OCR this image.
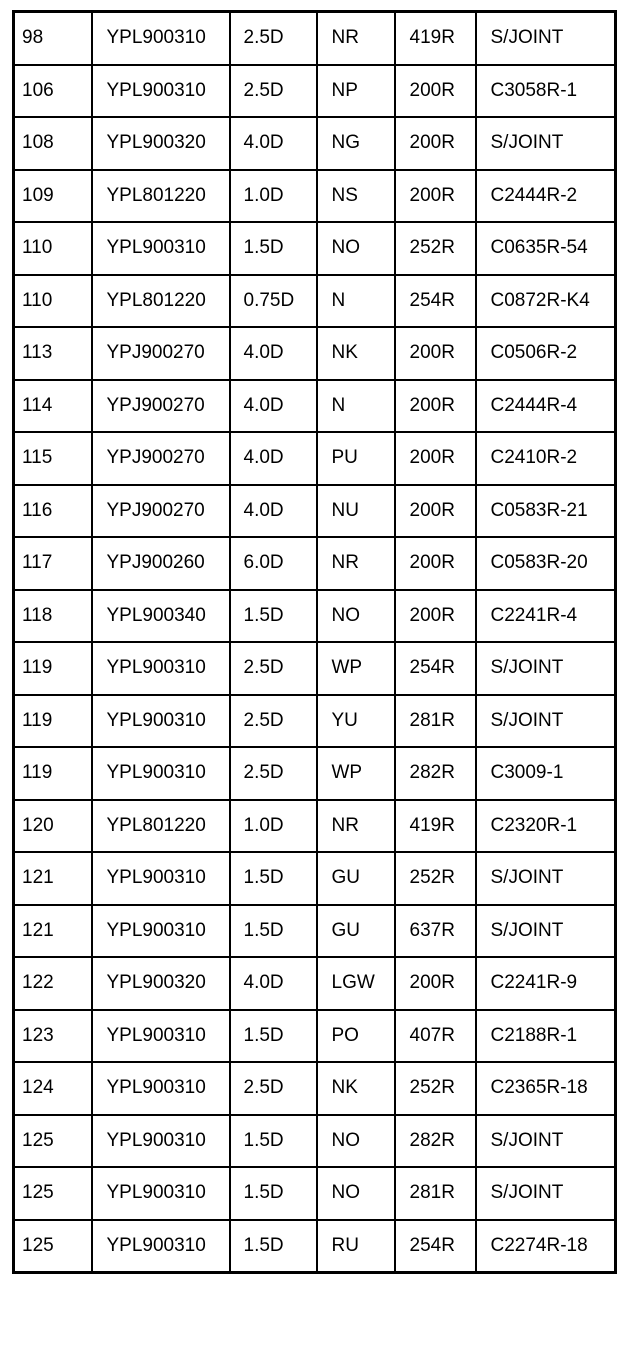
98	YPL900310	2.5D	NR	419R	S/JOINT
106	YPL900310	2.5D	NP	200R	C3058R-1
108	YPL900320	4.0D	NG	200R	S/JOINT
109	YPL801220	1.0D	NS	200R	C2444R-2
110	YPL900310	1.5D	NO	252R	C0635R-54
110	YPL801220	0.75D	N	254R	C0872R-K4
113	YPJ900270	4.0D	NK	200R	C0506R-2
114	YPJ900270	4.0D	N	200R	C2444R-4
115	YPJ900270	4.0D	PU	200R	C2410R-2
116	YPJ900270	4.0D	NU	200R	C0583R-21
117	YPJ900260	6.0D	NR	200R	C0583R-20
118	YPL900340	1.5D	NO	200R	C2241R-4
119	YPL900310	2.5D	WP	254R	S/JOINT
119	YPL900310	2.5D	YU	281R	S/JOINT
119	YPL900310	2.5D	WP	282R	C3009-1
120	YPL801220	1.0D	NR	419R	C2320R-1
121	YPL900310	1.5D	GU	252R	S/JOINT
121	YPL900310	1.5D	GU	637R	S/JOINT
122	YPL900320	4.0D	LGW	200R	C2241R-9
123	YPL900310	1.5D	PO	407R	C2188R-1
124	YPL900310	2.5D	NK	252R	C2365R-18
125	YPL900310	1.5D	NO	282R	S/JOINT
125	YPL900310	1.5D	NO	281R	S/JOINT
125	YPL900310	1.5D	RU	254R	C2274R-18
